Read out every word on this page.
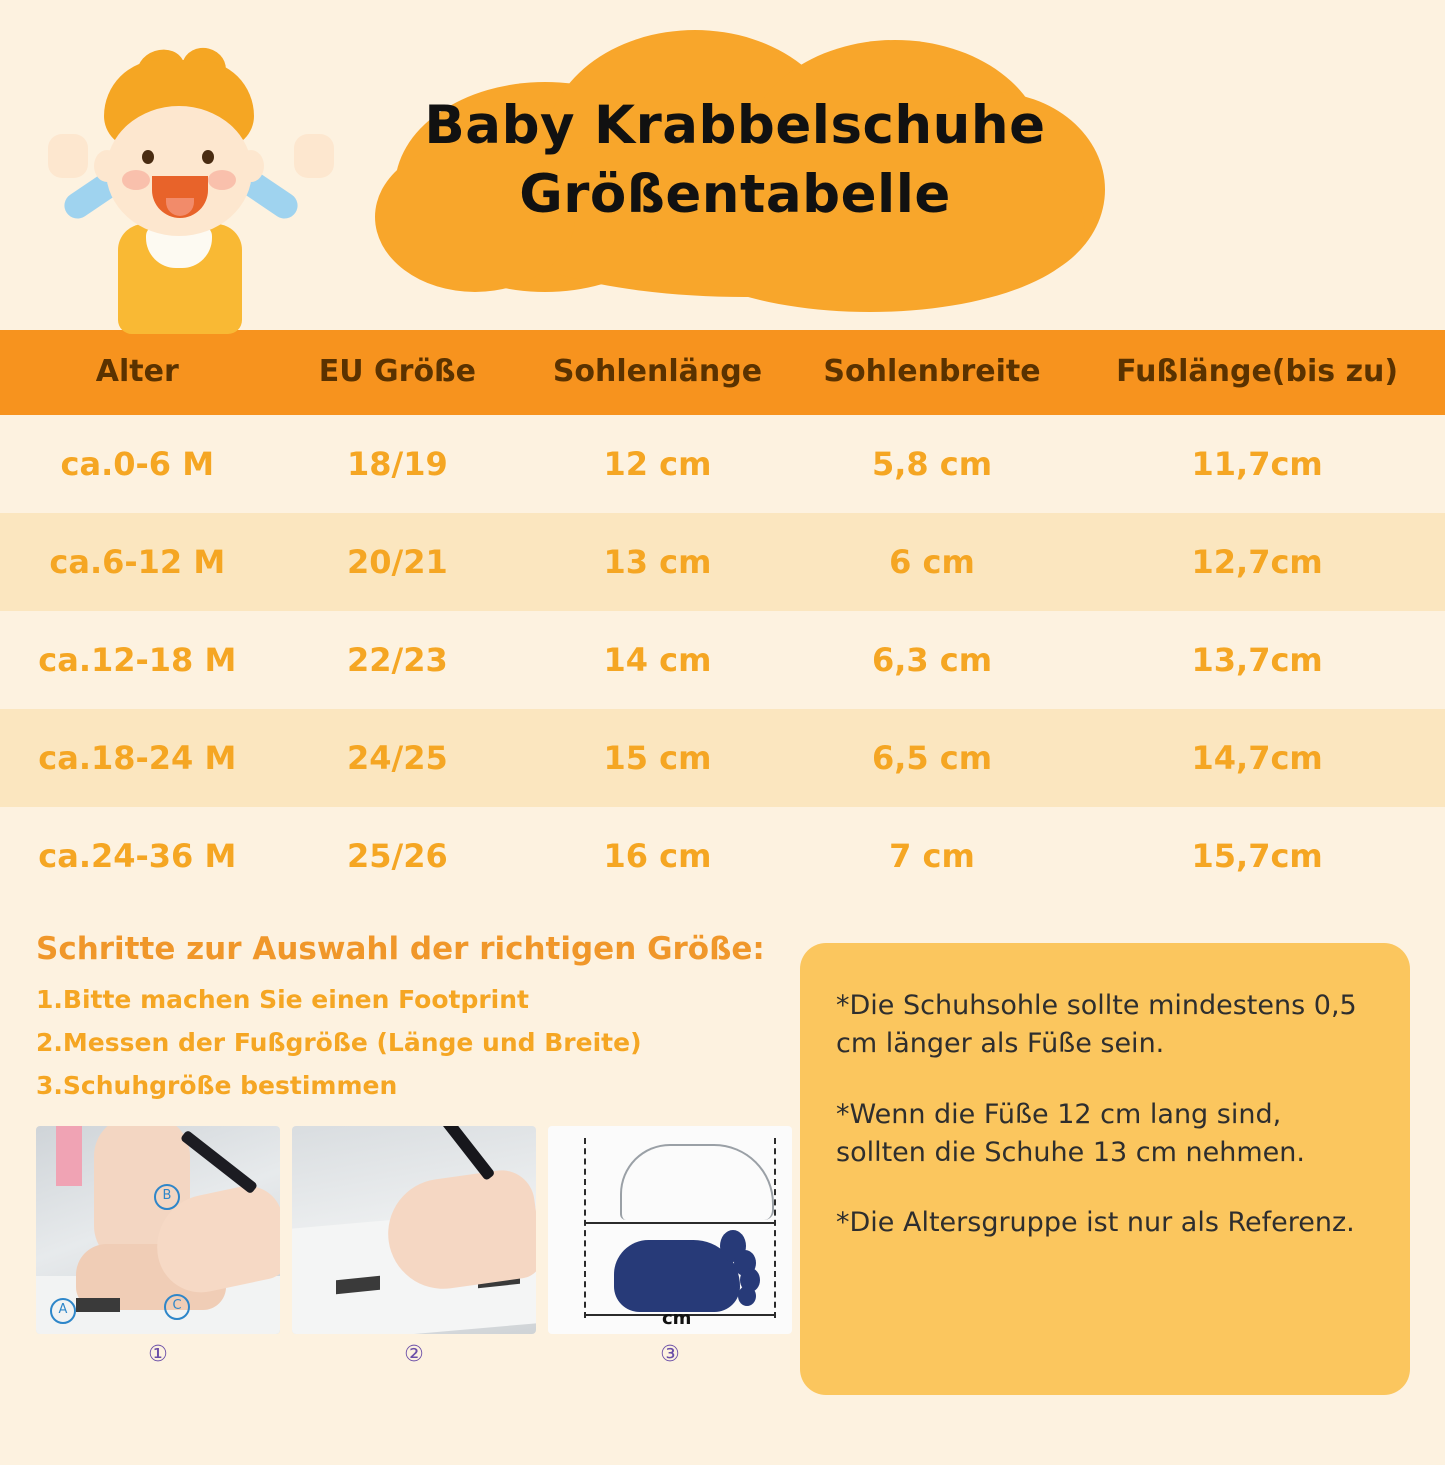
Baby Krabbelschuhe
Größentabelle
Alter	EU Größe	Sohlenlänge	Sohlenbreite	Fußlänge(bis zu)
ca.0-6 M	18/19	12 cm	5,8 cm	11,7cm
ca.6-12 M	20/21	13 cm	6 cm	12,7cm
ca.12-18 M	22/23	14 cm	6,3 cm	13,7cm
ca.18-24 M	24/25	15 cm	6,5 cm	14,7cm
ca.24-36 M	25/26	16 cm	7 cm	15,7cm
Schritte zur Auswahl der richtigen Größe:
1.Bitte machen Sie einen Footprint
2.Messen der Fußgröße (Länge und Breite)
3.Schuhgröße bestimmen
A
B
C
①	②
cm
③

*Die Schuhsohle sollte mindestens 0,5 cm länger als Füße sein.

*Wenn die Füße 12 cm lang sind, sollten die Schuhe 13 cm nehmen.

*Die Altersgruppe ist nur als Referenz.
